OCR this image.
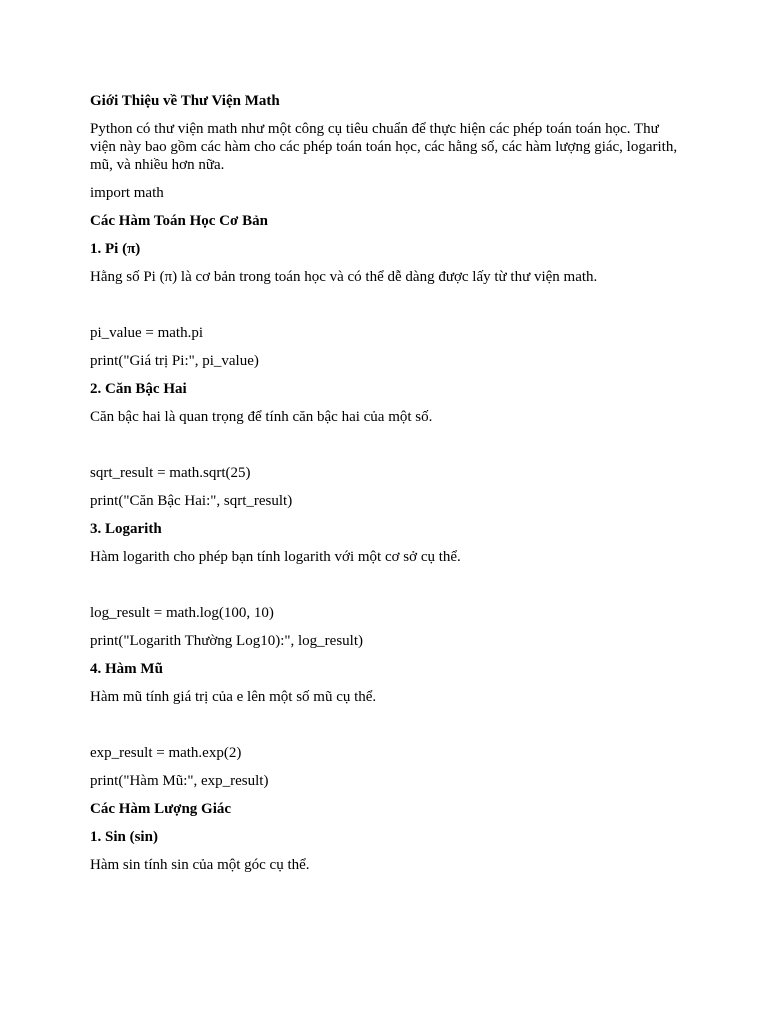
Giới Thiệu về Thư Viện Math

Python có thư viện math như một công cụ tiêu chuẩn để thực hiện các phép toán toán học. Thư viện này bao gồm các hàm cho các phép toán toán học, các hằng số, các hàm lượng giác, logarith, mũ, và nhiều hơn nữa.

import math

Các Hàm Toán Học Cơ Bản

1. Pi (π)

Hằng số Pi (π) là cơ bản trong toán học và có thể dễ dàng được lấy từ thư viện math.

pi_value = math.pi

print("Giá trị Pi:", pi_value)

2. Căn Bậc Hai

Căn bậc hai là quan trọng để tính căn bậc hai của một số.

sqrt_result = math.sqrt(25)

print("Căn Bậc Hai:", sqrt_result)

3. Logarith

Hàm logarith cho phép bạn tính logarith với một cơ sở cụ thể.

log_result = math.log(100, 10)

print("Logarith Thường Log10):", log_result)

4. Hàm Mũ

Hàm mũ tính giá trị của e lên một số mũ cụ thể.

exp_result = math.exp(2)

print("Hàm Mũ:", exp_result)

Các Hàm Lượng Giác

1. Sin (sin)

Hàm sin tính sin của một góc cụ thể.
